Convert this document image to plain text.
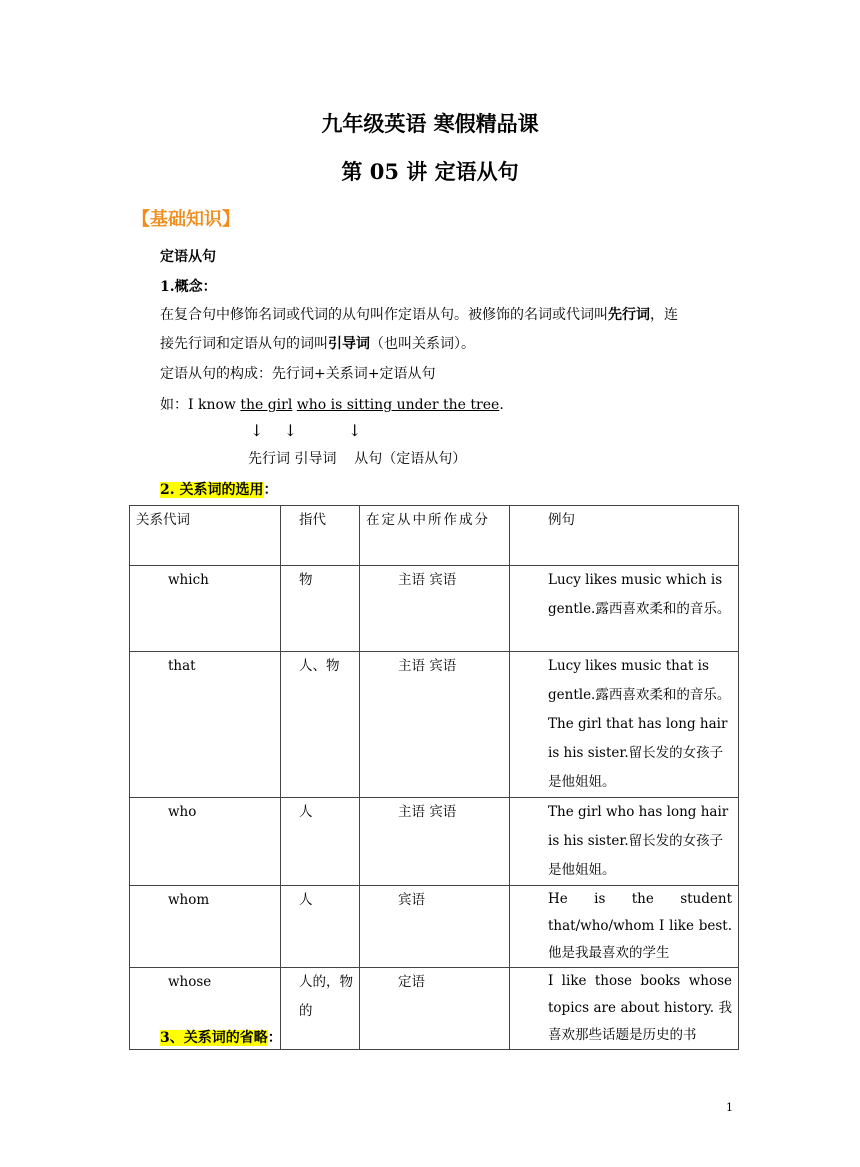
九年级英语 寒假精品课
第 05 讲 定语从句
【基础知识】
定语从句
1.概念：
在复合句中修饰名词或代词的从句叫作定语从句。被修饰的名词或代词叫先行词，连
接先行词和定语从句的词叫引导词（也叫关系词）。
定语从句的构成：先行词+关系词+定语从句
如：I know the girl who is sitting under the tree.
↓    ↓          ↓
先行词 引导词    从句（定语从句）
2. 关系词的选用：
关系代词	指代	在定从中所作成分	例句
which	物	主语 宾语	Lucy likes music which is gentle.露西喜欢柔和的音乐。

that	人、物	主语 宾语	Lucy likes music that is gentle.露西喜欢柔和的音乐。
The girl that has long hair is his sister.留长发的女孩子是他姐姐。

who	人	主语 宾语	The girl who has long hair is his sister.留长发的女孩子是他姐姐。

whom	人	宾语	He is the student that/who/whom I like best.他是我最喜欢的学生

whose	人的，物的	定语	I like those books whose topics are about history. 我喜欢那些话题是历史的书
3、关系词的省略：
1
